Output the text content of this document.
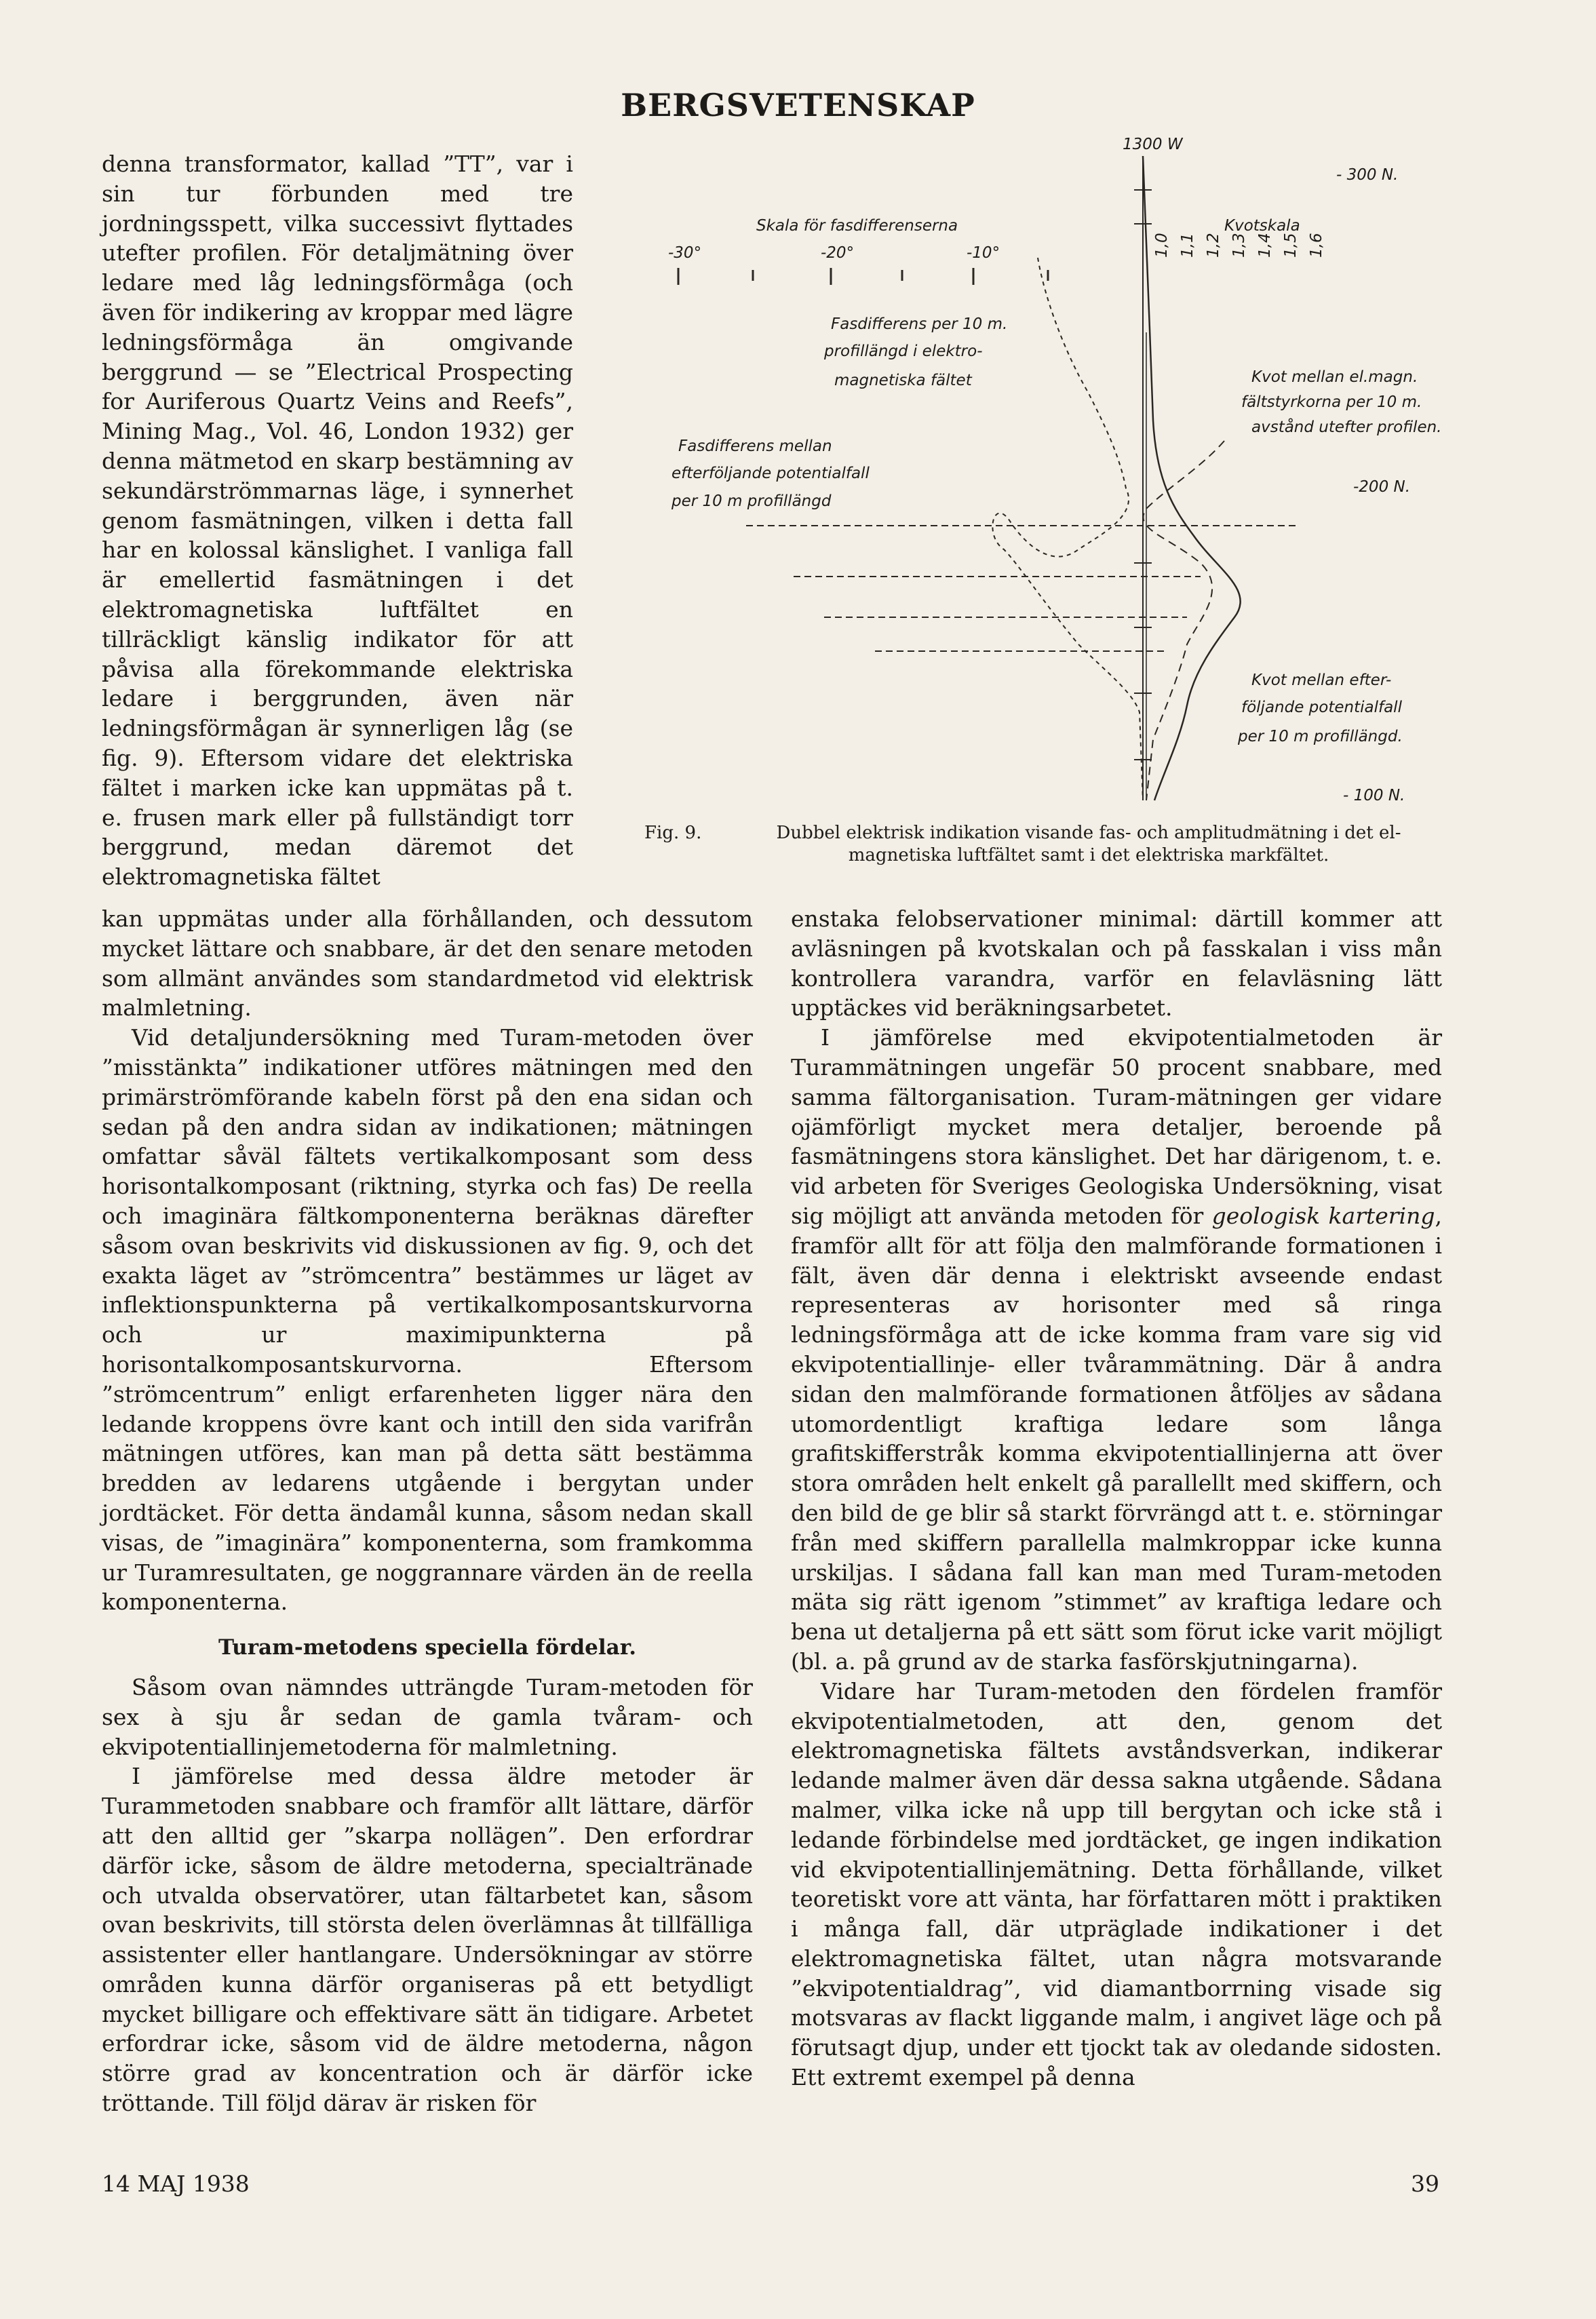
BERGSVETENSKAP

denna transformator, kallad ”TT”, var i sin tur förbunden med tre jordningsspett, vilka successivt flyttades utefter profilen. För detaljmätning över ledare med låg ledningsförmåga (och även för indikering av kroppar med lägre ledningsförmåga än omgivande berggrund — se ”Electrical Prospecting for Auriferous Quartz Veins and Reefs”, Mining Mag., Vol. 46, London 1932) ger denna mätmetod en skarp bestämning av sekundärströmmarnas läge, i synnerhet genom fasmätningen, vilken i detta fall har en kolossal känslighet. I vanliga fall är emellertid fasmätningen i det elektromagnetiska luftfältet en tillräckligt känslig indikator för att påvisa alla förekommande elektriska ledare i berggrunden, även när ledningsförmågan är synnerligen låg (se fig. 9). Eftersom vidare det elektriska fältet i marken icke kan uppmätas på t. e. frusen mark eller på fullständigt torr berggrund, medan däremot det elektromagnetiska fältet

-30°	-20°	-10°
Skala för fasdifferenserna	Kvotskala
1,0 1,1 1,2 1,3 1,4 1,5 1,6
1300 W
- 300 N.
-200 N.
- 100 N.
Fasdifferens per 10 m.
profillängd i elektro-
magnetiska fältet
Fasdifferens mellan
efterföljande potentialfall
per 10 m profillängd
Kvot mellan el.magn.
fältstyrkorna per 10 m.
avstånd utefter profilen.
Kvot mellan efter-
följande potentialfall
per 10 m profillängd.
Fig. 9.	Dubbel elektrisk indikation visande fas- och amplitudmätning i det el-magnetiska luftfältet samt i det elektriska markfältet.

kan uppmätas under alla förhållanden, och dessutom mycket lättare och snabbare, är det den senare metoden som allmänt användes som standardmetod vid elektrisk malmletning.

Vid detaljundersökning med Turam-metoden över ”misstänkta” indikationer utföres mätningen med den primärströmförande kabeln först på den ena sidan och sedan på den andra sidan av indikationen; mätningen omfattar såväl fältets vertikalkomposant som dess horisontalkomposant (riktning, styrka och fas) De reella och imaginära fältkomponenterna beräknas därefter såsom ovan beskrivits vid diskussionen av fig. 9, och det exakta läget av ”strömcentra” bestämmes ur läget av inflektionspunkterna på vertikalkomposantskurvorna och ur maximipunkterna på horisontalkomposantskurvorna. Eftersom ”strömcentrum” enligt erfarenheten ligger nära den ledande kroppens övre kant och intill den sida varifrån mätningen utföres, kan man på detta sätt bestämma bredden av ledarens utgående i bergytan under jordtäcket. För detta ändamål kunna, såsom nedan skall visas, de ”imaginära” komponenterna, som framkomma ur Turamresultaten, ge noggrannare värden än de reella komponenterna.

Turam-metodens speciella fördelar.

Såsom ovan nämndes utträngde Turam-metoden för sex à sju år sedan de gamla tvåram- och ekvipotentiallinjemetoderna för malmletning.

I jämförelse med dessa äldre metoder är Turammetoden snabbare och framför allt lättare, därför att den alltid ger ”skarpa nollägen”. Den erfordrar därför icke, såsom de äldre metoderna, specialtränade och utvalda observatörer, utan fältarbetet kan, såsom ovan beskrivits, till största delen överlämnas åt tillfälliga assistenter eller hantlangare. Undersökningar av större områden kunna därför organiseras på ett betydligt mycket billigare och effektivare sätt än tidigare. Arbetet erfordrar icke, såsom vid de äldre metoderna, någon större grad av koncentration och är därför icke tröttande. Till följd därav är risken för

enstaka felobservationer minimal: därtill kommer att avläsningen på kvotskalan och på fasskalan i viss mån kontrollera varandra, varför en felavläsning lätt upptäckes vid beräkningsarbetet.

I jämförelse med ekvipotentialmetoden är Turammätningen ungefär 50 procent snabbare, med samma fältorganisation. Turam-mätningen ger vidare ojämförligt mycket mera detaljer, beroende på fasmätningens stora känslighet. Det har därigenom, t. e. vid arbeten för Sveriges Geologiska Undersökning, visat sig möjligt att använda metoden för geologisk kartering, framför allt för att följa den malmförande formationen i fält, även där denna i elektriskt avseende endast representeras av horisonter med så ringa ledningsförmåga att de icke komma fram vare sig vid ekvipotentiallinje- eller tvårammätning. Där å andra sidan den malmförande formationen åtföljes av sådana utomordentligt kraftiga ledare som långa grafitskifferstråk komma ekvipotentiallinjerna att över stora områden helt enkelt gå parallellt med skiffern, och den bild de ge blir så starkt förvrängd att t. e. störningar från med skiffern parallella malmkroppar icke kunna urskiljas. I sådana fall kan man med Turam-metoden mäta sig rätt igenom ”stimmet” av kraftiga ledare och bena ut detaljerna på ett sätt som förut icke varit möjligt (bl. a. på grund av de starka fasförskjutningarna).

Vidare har Turam-metoden den fördelen framför ekvipotentialmetoden, att den, genom det elektromagnetiska fältets avståndsverkan, indikerar ledande malmer även där dessa sakna utgående. Sådana malmer, vilka icke nå upp till bergytan och icke stå i ledande förbindelse med jordtäcket, ge ingen indikation vid ekvipotentiallinjemätning. Detta förhållande, vilket teoretiskt vore att vänta, har författaren mött i praktiken i många fall, där utpräglade indikationer i det elektromagnetiska fältet, utan några motsvarande ”ekvipotentialdrag”, vid diamantborrning visade sig motsvaras av flackt liggande malm, i angivet läge och på förutsagt djup, under ett tjockt tak av oledande sidosten. Ett extremt exempel på denna

14 MAJ 1938	39
